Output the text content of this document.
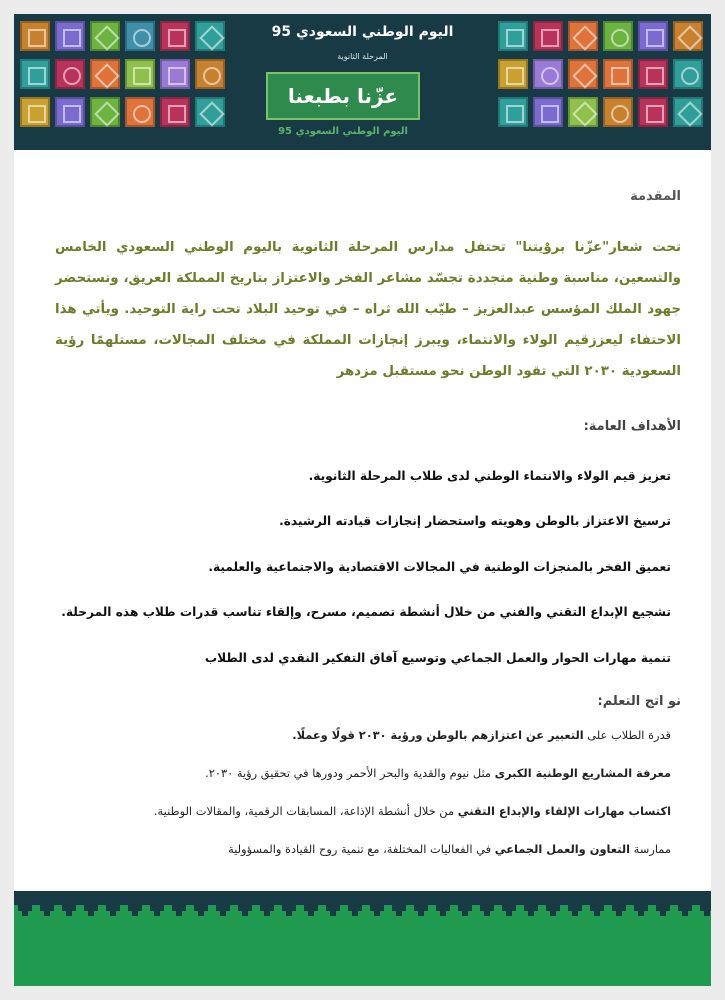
اليوم الوطني السعودي 95
المرحلة الثانوية
عزّنا بطبعنا
اليوم الوطني السعودي 95
المقدمة
تحت شعار"عزّنا بروْيتنا" تحتفل مدارس المرحلة الثانوية باليوم الوطني السعودي الخامس والتسعين، مناسبة وطنية متجددة تجسّد مشاعر الفخر والاعتزاز بتاريخ المملكة العريق، وتستحضر جهود الملك المؤسس عبدالعزيز – طيّب الله ثراه – في توحيد البلاد تحت راية التوحيد. ويأتي هذا الاحتفاء ليعززقيم الولاء والانتماء، ويبرز إنجازات المملكة في مختلف المجالات، مستلهمًا رؤية السعودية ٢٠٣٠ التي تقود الوطن نحو مستقبل مزدهر
الأهداف العامة:
تعزيز قيم الولاء والانتماء الوطني لدى طلاب المرحلة الثانوية.
ترسيخ الاعتزاز بالوطن وهويته واستحضار إنجازات قيادته الرشيدة.
تعميق الفخر بالمنجزات الوطنية في المجالات الاقتصادية والاجتماعية والعلمية.
تشجيع الإبداع التقني والفني من خلال أنشطة تصميم، مسرح، وإلقاء تناسب قدرات طلاب هذه المرحلة.
تنمية مهارات الحوار والعمل الجماعي وتوسيع آفاق التفكير النقدي لدى الطلاب
نو اتج التعلم:
قدرة الطلاب على التعبير عن اعتزازهم بالوطن ورؤية ٢٠٣٠ قولًا وعملًا.
معرفة المشاريع الوطنية الكبرى مثل نيوم والقدية والبحر الأحمر ودورها في تحقيق رؤية ٢٠٣٠.
اكتساب مهارات الإلقاء والإبداع التقني من خلال أنشطة الإذاعة، المسابقات الرقمية، والمقالات الوطنية.
ممارسة التعاون والعمل الجماعي في الفعاليات المختلفة، مع تنمية روح القيادة والمسؤولية
